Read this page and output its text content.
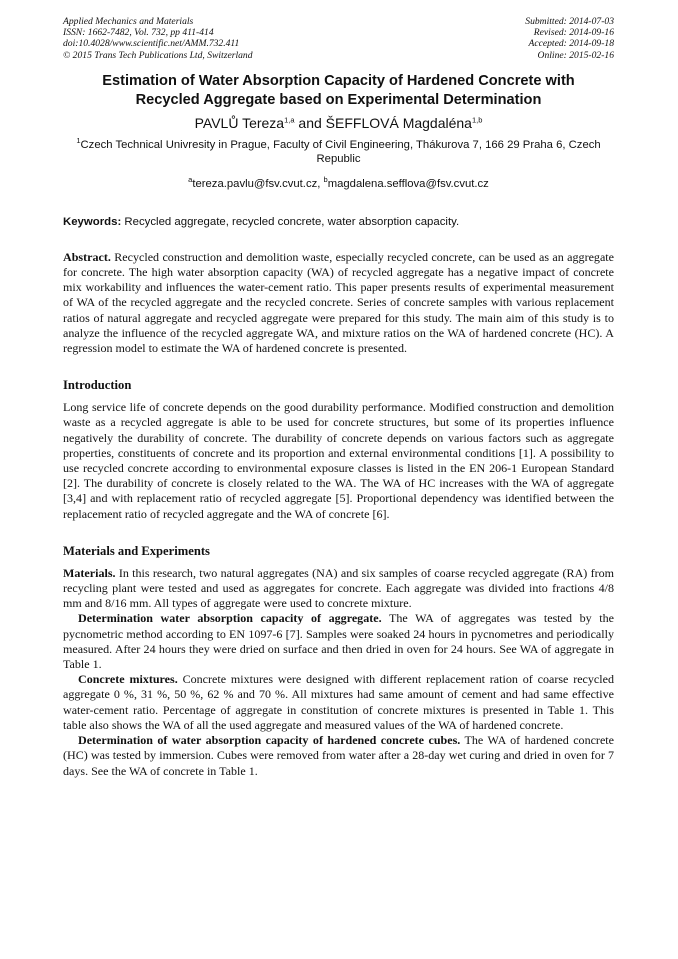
Applied Mechanics and Materials
ISSN: 1662-7482, Vol. 732, pp 411-414
doi:10.4028/www.scientific.net/AMM.732.411
© 2015 Trans Tech Publications Ltd, Switzerland
Submitted: 2014-07-03
Revised: 2014-09-16
Accepted: 2014-09-18
Online: 2015-02-16
Estimation of Water Absorption Capacity of Hardened Concrete with
Recycled Aggregate based on Experimental Determination
PAVLŮ Tereza$^{1,a}$ and ŠEFFLOVÁ Magdaléna$^{1,b}$
$^1$Czech Technical Univresity in Prague, Faculty of Civil Engineering, Thákurova 7, 166 29 Praha 6, Czech Republic
$^a$tereza.pavlu@fsv.cvut.cz, $^b$magdalena.sefflova@fsv.cvut.cz
Keywords: Recycled aggregate, recycled concrete, water absorption capacity.
Abstract. Recycled construction and demolition waste, especially recycled concrete, can be used as an aggregate for concrete. The high water absorption capacity (WA) of recycled aggregate has a negative impact of concrete mix workability and influences the water-cement ratio. This paper presents results of experimental measurement of WA of the recycled aggregate and the recycled concrete. Series of concrete samples with various replacement ratios of natural aggregate and recycled aggregate were prepared for this study. The main aim of this study is to analyze the influence of the recycled aggregate WA, and mixture ratios on the WA of hardened concrete (HC). A regression model to estimate the WA of hardened concrete is presented.
Introduction

Long service life of concrete depends on the good durability performance. Modified construction and demolition waste as a recycled aggregate is able to be used for concrete structures, but some of its properties influence negatively the durability of concrete. The durability of concrete depends on various factors such as aggregate properties, constituents of concrete and its proportion and external environmental conditions [1]. A possibility to use recycled concrete according to environmental exposure classes is listed in the EN 206-1 European Standard [2]. The durability of concrete is closely related to the WA. The WA of HC increases with the WA of aggregate [3,4] and with replacement ratio of recycled aggregate [5]. Proportional dependency was identified between the replacement ratio of recycled aggregate and the WA of concrete [6].

Materials and Experiments

Materials. In this research, two natural aggregates (NA) and six samples of coarse recycled aggregate (RA) from recycling plant were tested and used as aggregates for concrete. Each aggregate was divided into fractions 4/8 mm and 8/16 mm. All types of aggregate were used to concrete mixture.

Determination water absorption capacity of aggregate. The WA of aggregates was tested by the pycnometric method according to EN 1097-6 [7]. Samples were soaked 24 hours in pycnometres and periodically measured. After 24 hours they were dried on surface and then dried in oven for 24 hours. See WA of aggregate in Table 1.

Concrete mixtures. Concrete mixtures were designed with different replacement ration of coarse recycled aggregate 0 %, 31 %, 50 %, 62 % and 70 %. All mixtures had same amount of cement and had same effective water-cement ratio. Percentage of aggregate in constitution of concrete mixtures is presented in Table 1. This table also shows the WA of all the used aggregate and measured values of the WA of hardened concrete.

Determination of water absorption capacity of hardened concrete cubes. The WA of hardened concrete (HC) was tested by immersion. Cubes were removed from water after a 28-day wet curing and dried in oven for 7 days. See the WA of concrete in Table 1.
